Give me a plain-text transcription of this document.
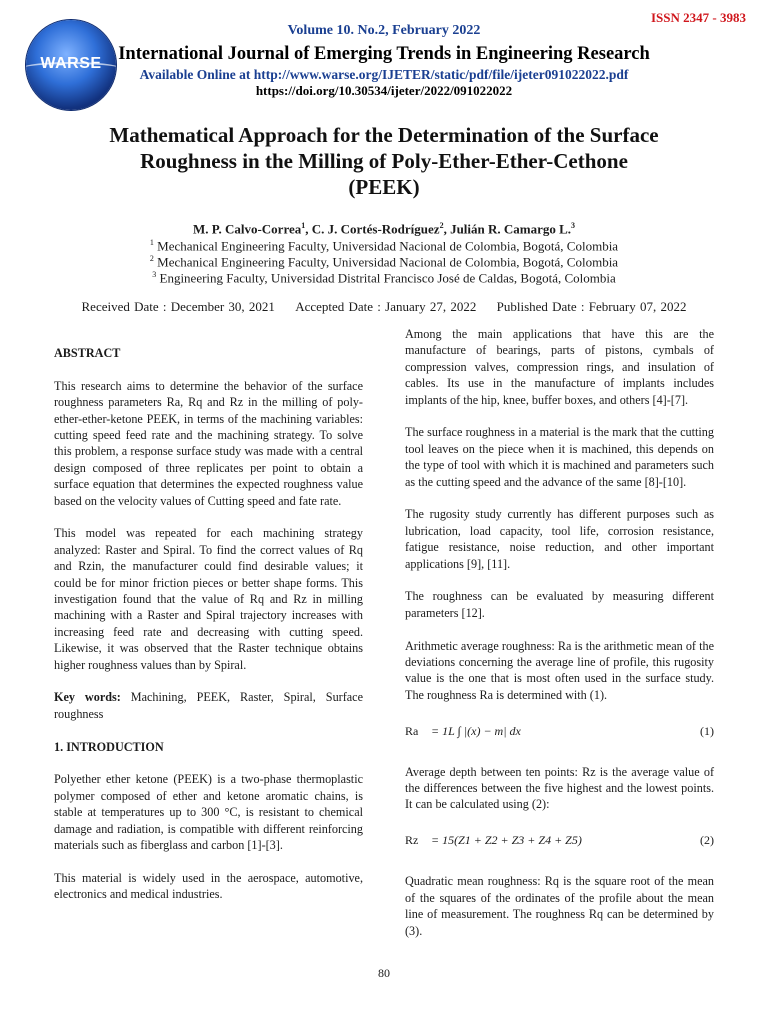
ISSN 2347 - 3983
WARSE
Volume 10. No.2, February 2022
International Journal of Emerging Trends in Engineering Research
Available Online at http://www.warse.org/IJETER/static/pdf/file/ijeter091022022.pdf
https://doi.org/10.30534/ijeter/2022/091022022
Mathematical Approach for the Determination of the Surface
Roughness in the Milling of Poly-Ether-Ether-Cethone
(PEEK)
M. P. Calvo-Correa$^1$, C. J. Cortés-Rodríguez$^2$, Julián R. Camargo L.$^3$
$^1$ Mechanical Engineering Faculty, Universidad Nacional de Colombia, Bogotá, Colombia
$^2$ Mechanical Engineering Faculty, Universidad Nacional de Colombia, Bogotá, Colombia
$^3$ Engineering Faculty, Universidad Distrital Francisco José de Caldas, Bogotá, Colombia
Received Date : December 30, 2021 Accepted Date : January 27, 2022 Published Date : February 07, 2022

ABSTRACT

This research aims to determine the behavior of the surface roughness parameters Ra, Rq and Rz in the milling of poly-ether-ether-ketone PEEK, in terms of the machining variables: cutting speed feed rate and the machining strategy. To solve this problem, a response surface study was made with a central design composed of three replicates per point to obtain a surface equation that determines the expected roughness value based on the velocity values of Cutting speed and fate rate.

This model was repeated for each machining strategy analyzed: Raster and Spiral. To find the correct values of Rq and Rzin, the manufacturer could find desirable values; it could be for minor friction pieces or better shape forms. This investigation found that the value of Rq and Rz in milling machining with a Raster and Spiral trajectory increases with increasing feed rate and decreasing with cutting speed. Likewise, it was observed that the Raster technique obtains higher roughness values than by Spiral.

Key words: Machining, PEEK, Raster, Spiral, Surface roughness

1. INTRODUCTION

Polyether ether ketone (PEEK) is a two-phase thermoplastic polymer composed of ether and ketone aromatic chains, is stable at temperatures up to 300 °C, is resistant to chemical damage and radiation, is compatible with different reinforcing materials such as fiberglass and carbon [1]-[3].

This material is widely used in the aerospace, automotive, electronics and medical industries.

Among the main applications that have this are the manufacture of bearings, parts of pistons, cymbals of compression valves, compression rings, and insulation of cables. Its use in the manufacture of implants includes implants of the hip, knee, buffer boxes, and others [4]-[7].

The surface roughness in a material is the mark that the cutting tool leaves on the piece when it is machined, this depends on the type of tool with which it is machined and parameters such as the cutting speed and the advance of the same [8]-[10].

The rugosity study currently has different purposes such as lubrication, load capacity, tool life, corrosion resistance, fatigue resistance, noise reduction, and other important applications [9], [11].

The roughness can be evaluated by measuring different parameters [12].

Arithmetic average roughness: Ra is the arithmetic mean of the deviations concerning the average line of profile, this rugosity value is the one that is most often used in the surface study. The roughness Ra is determined with (1).

Ra = 1L ∫ |(x) − m| dx	(1)

Average depth between ten points: Rz is the average value of the differences between the five highest and the lowest points. It can be calculated using (2):

Rz = 15(Z1 + Z2 + Z3 + Z4 + Z5)	(2)

Quadratic mean roughness: Rq is the square root of the mean of the squares of the ordinates of the profile about the mean line of measurement. The roughness Rq can be determined by (3).

80
